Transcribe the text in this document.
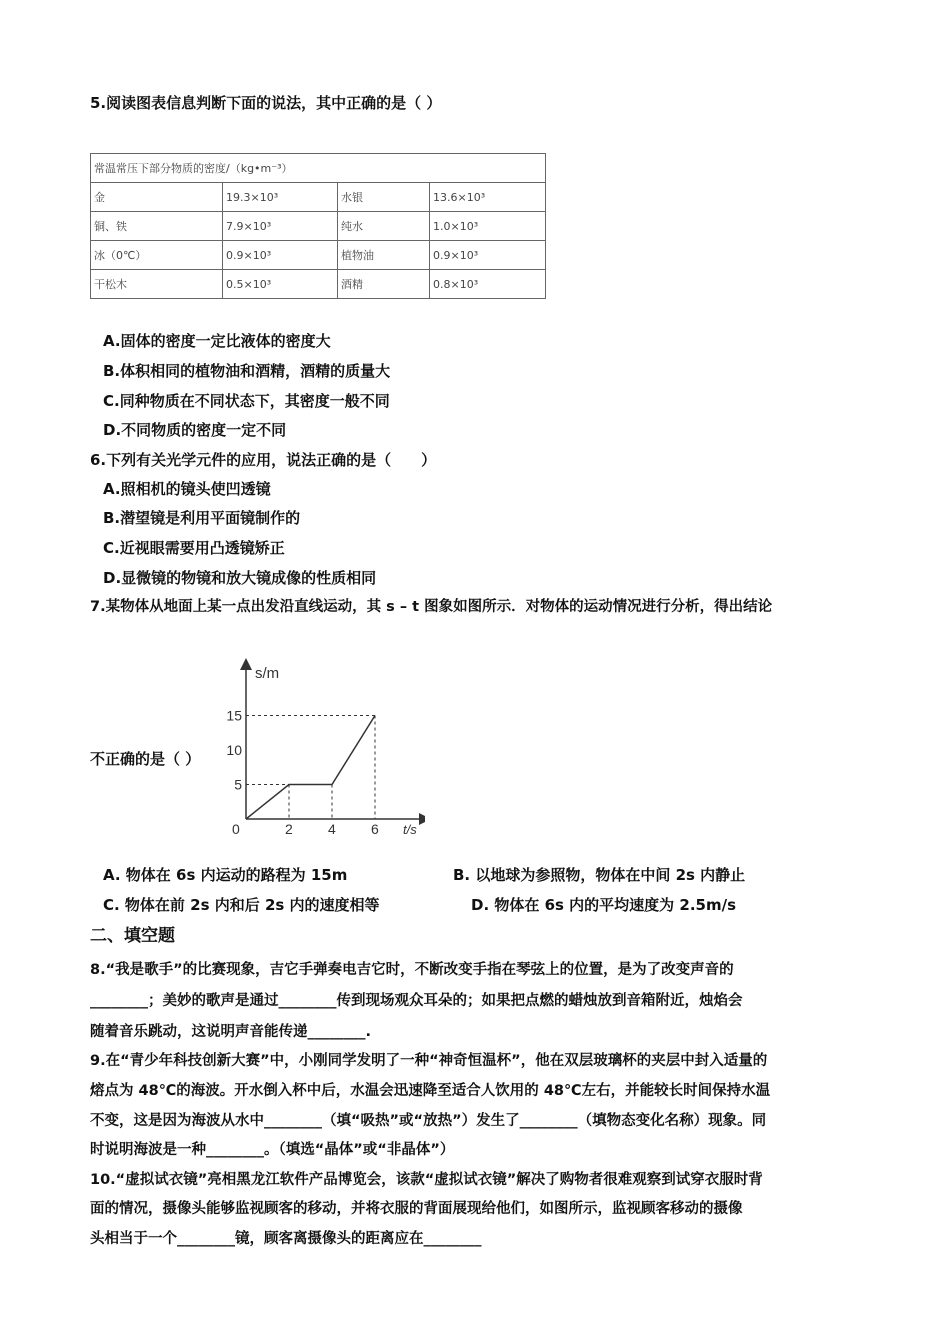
5.阅读图表信息判断下面的说法，其中正确的是（ ）
常温常压下部分物质的密度/（kg•m⁻³）			
金	19.3×10³	水银	13.6×10³
铜、铁	7.9×10³	纯水	1.0×10³
冰（0℃）	0.9×10³	植物油	0.9×10³
干松木	0.5×10³	酒精	0.8×10³
A.固体的密度一定比液体的密度大
B.体积相同的植物油和酒精，酒精的质量大
C.同种物质在不同状态下，其密度一般不同
D.不同物质的密度一定不同
6.下列有关光学元件的应用，说法正确的是（　　）
A.照相机的镜头使凹透镜
B.潜望镜是利用平面镜制作的
C.近视眼需要用凸透镜矫正
D.显微镜的物镜和放大镜成像的性质相同
7.某物体从地面上某一点出发沿直线运动，其 s – t 图象如图所示．对物体的运动情况进行分析，得出结论
不正确的是（ ）
0	2	4	6
5
10
15
s/m
t/s
A. 物体在 6s 内运动的路程为 15m	B. 以地球为参照物，物体在中间 2s 内静止
C. 物体在前 2s 内和后 2s 内的速度相等	D. 物体在 6s 内的平均速度为 2.5m/s
二、填空题
8.“我是歌手”的比赛现象，吉它手弹奏电吉它时，不断改变手指在琴弦上的位置，是为了改变声音的
________；美妙的歌声是通过________传到现场观众耳朵的；如果把点燃的蜡烛放到音箱附近，烛焰会
随着音乐跳动，这说明声音能传递________.
9.在“青少年科技创新大赛”中，小刚同学发明了一种“神奇恒温杯”，他在双层玻璃杯的夹层中封入适量的
熔点为 48℃的海波。开水倒入杯中后，水温会迅速降至适合人饮用的 48℃左右，并能较长时间保持水温
不变，这是因为海波从水中________（填“吸热”或“放热”）发生了________（填物态变化名称）现象。同
时说明海波是一种________。（填选“晶体”或“非晶体”）
10.“虚拟试衣镜”亮相黑龙江软件产品博览会，该款“虚拟试衣镜”解决了购物者很难观察到试穿衣服时背
面的情况，摄像头能够监视顾客的移动，并将衣服的背面展现给他们，如图所示，监视顾客移动的摄像
头相当于一个________镜，顾客离摄像头的距离应在________
